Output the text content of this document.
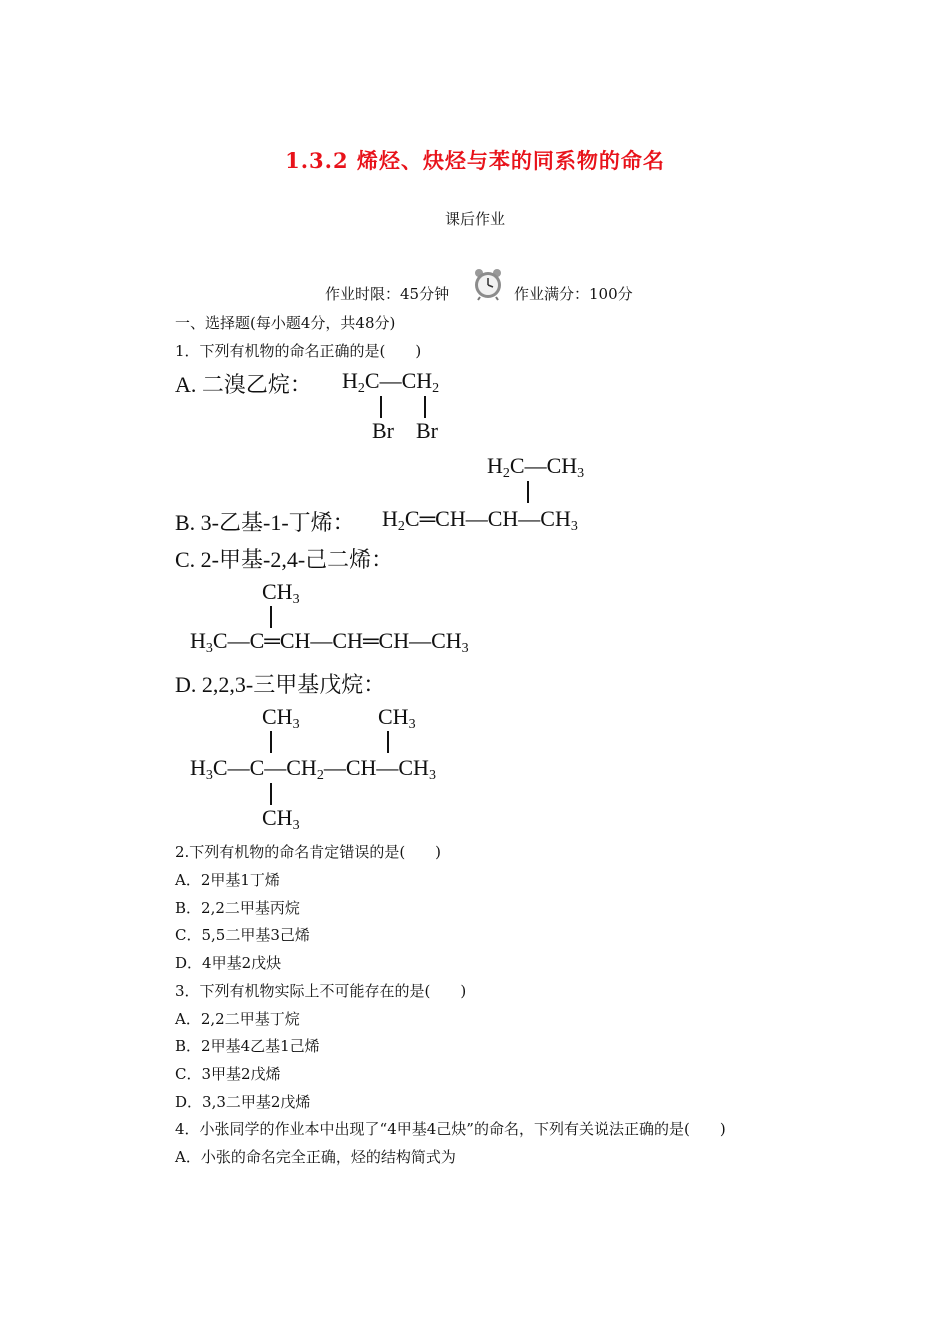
1.3.2 烯烃、炔烃与苯的同系物的命名
课后作业
作业时限：45分钟	作业满分：100分
一、选择题(每小题4分，共48分)
1．下列有机物的命名正确的是(　　)
A. 二溴乙烷： $H_2C—CH_2$
Br Br
$H_2C—CH_3$
B. 3-乙基-1-丁烯： $H_2C═CH—CH—CH_3$
C. 2-甲基-2,4-己二烯：
$CH_3$
$H_3C—C═CH—CH═CH—CH_3$
D. 2,2,3-三甲基戊烷：
$CH_3$	$CH_3$
$H_3C—C—CH_2—CH—CH_3$
$CH_3$
2.下列有机物的命名肯定错误的是(　　)
A．2甲基1丁烯
B．2,2二甲基丙烷
C．5,5二甲基3己烯
D．4甲基2戊炔
3．下列有机物实际上不可能存在的是(　　)
A．2,2二甲基丁烷
B．2甲基4乙基1己烯
C．3甲基2戊烯
D．3,3二甲基2戊烯
4．小张同学的作业本中出现了“4甲基4己炔”的命名，下列有关说法正确的是(　　)
A．小张的命名完全正确，烃的结构简式为
